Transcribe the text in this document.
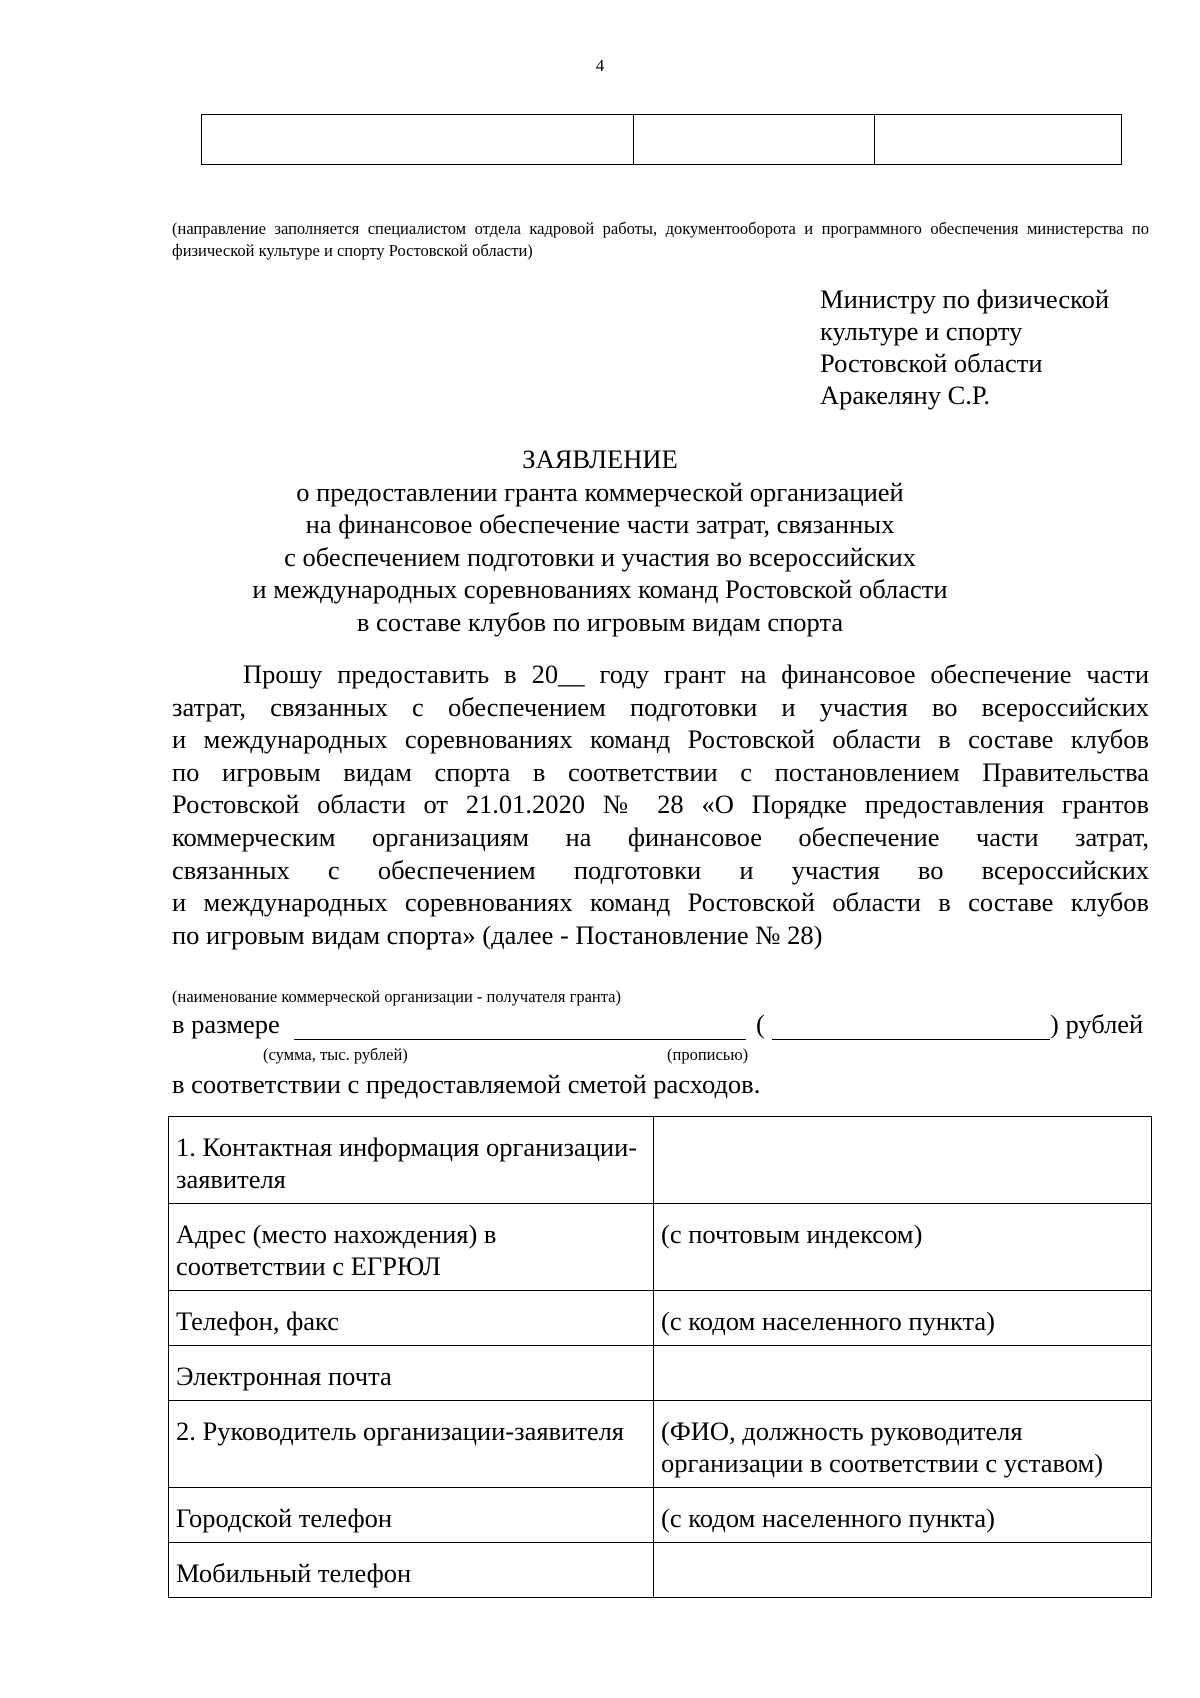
4

(направление заполняется специалистом отдела кадровой работы, документооборота и программного обеспечения министерства по физической культуре и спорту Ростовской области)
Министру по физической
культуре и спорту
Ростовской области
Аракеляну С.Р.
ЗАЯВЛЕНИЕ
о предоставлении гранта коммерческой организацией
на финансовое обеспечение части затрат, связанных
с обеспечением подготовки и участия во всероссийских
и международных соревнованиях команд Ростовской области
в составе клубов по игровым видам спорта
Прошу предоставить в 20__ году грант на финансовое обеспечение части
затрат, связанных с обеспечением подготовки и участия во всероссийских
и международных соревнованиях команд Ростовской области в составе клубов
по игровым видам спорта в соответствии с постановлением Правительства
Ростовской области от 21.01.2020 № 28 «О Порядке предоставления грантов
коммерческим организациям на финансовое обеспечение части затрат,
связанных с обеспечением подготовки и участия во всероссийских
и международных соревнованиях команд Ростовской области в составе клубов
по игровым видам спорта» (далее - Постановление № 28)
(наименование коммерческой организации - получателя гранта)
в размере	(	) рублей
(сумма, тыс. рублей)	(прописью)
в соответствии с предоставляемой сметой расходов.
1. Контактная информация организации-заявителя	
Адрес (место нахождения) в соответствии с ЕГРЮЛ	(с почтовым индексом)
Телефон, факс	(с кодом населенного пункта)
Электронная почта	
2. Руководитель организации-заявителя	(ФИО, должность руководителя организации в соответствии с уставом)
Городской телефон	(с кодом населенного пункта)
Мобильный телефон	
